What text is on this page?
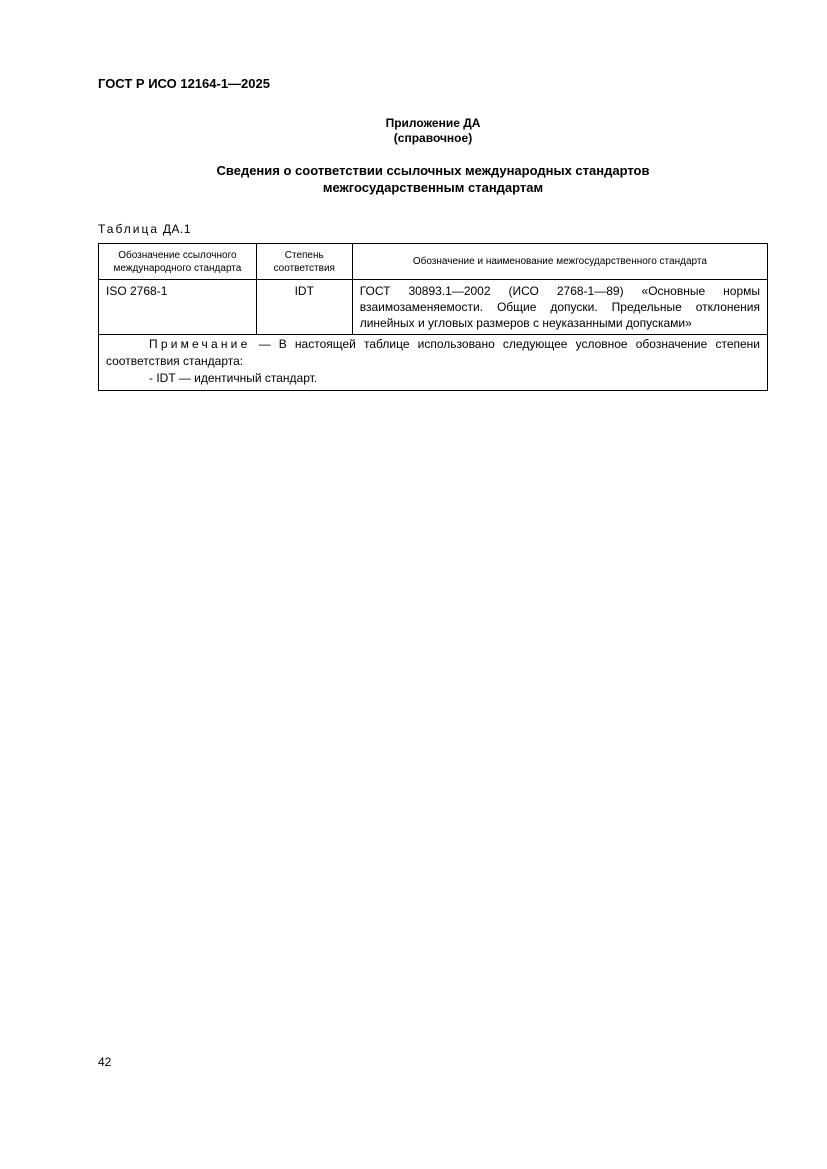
ГОСТ Р ИСО 12164-1—2025
Приложение ДА
(справочное)
Сведения о соответствии ссылочных международных стандартов
межгосударственным стандартам
Таблица ДА.1
Обозначение ссылочного международного стандарта	Степень соответствия	Обозначение и наименование межгосударственного стандарта
ISO 2768-1	IDT	ГОСТ 30893.1—2002 (ИСО 2768-1—89) «Основные нормы взаимозаменяемости. Общие допуски. Предельные отклонения линейных и угловых размеров с неуказанными допусками»

Примечание — В настоящей таблице использовано следующее условное обозначение степени соответствия стандарта:
- IDT — идентичный стандарт.		
42
